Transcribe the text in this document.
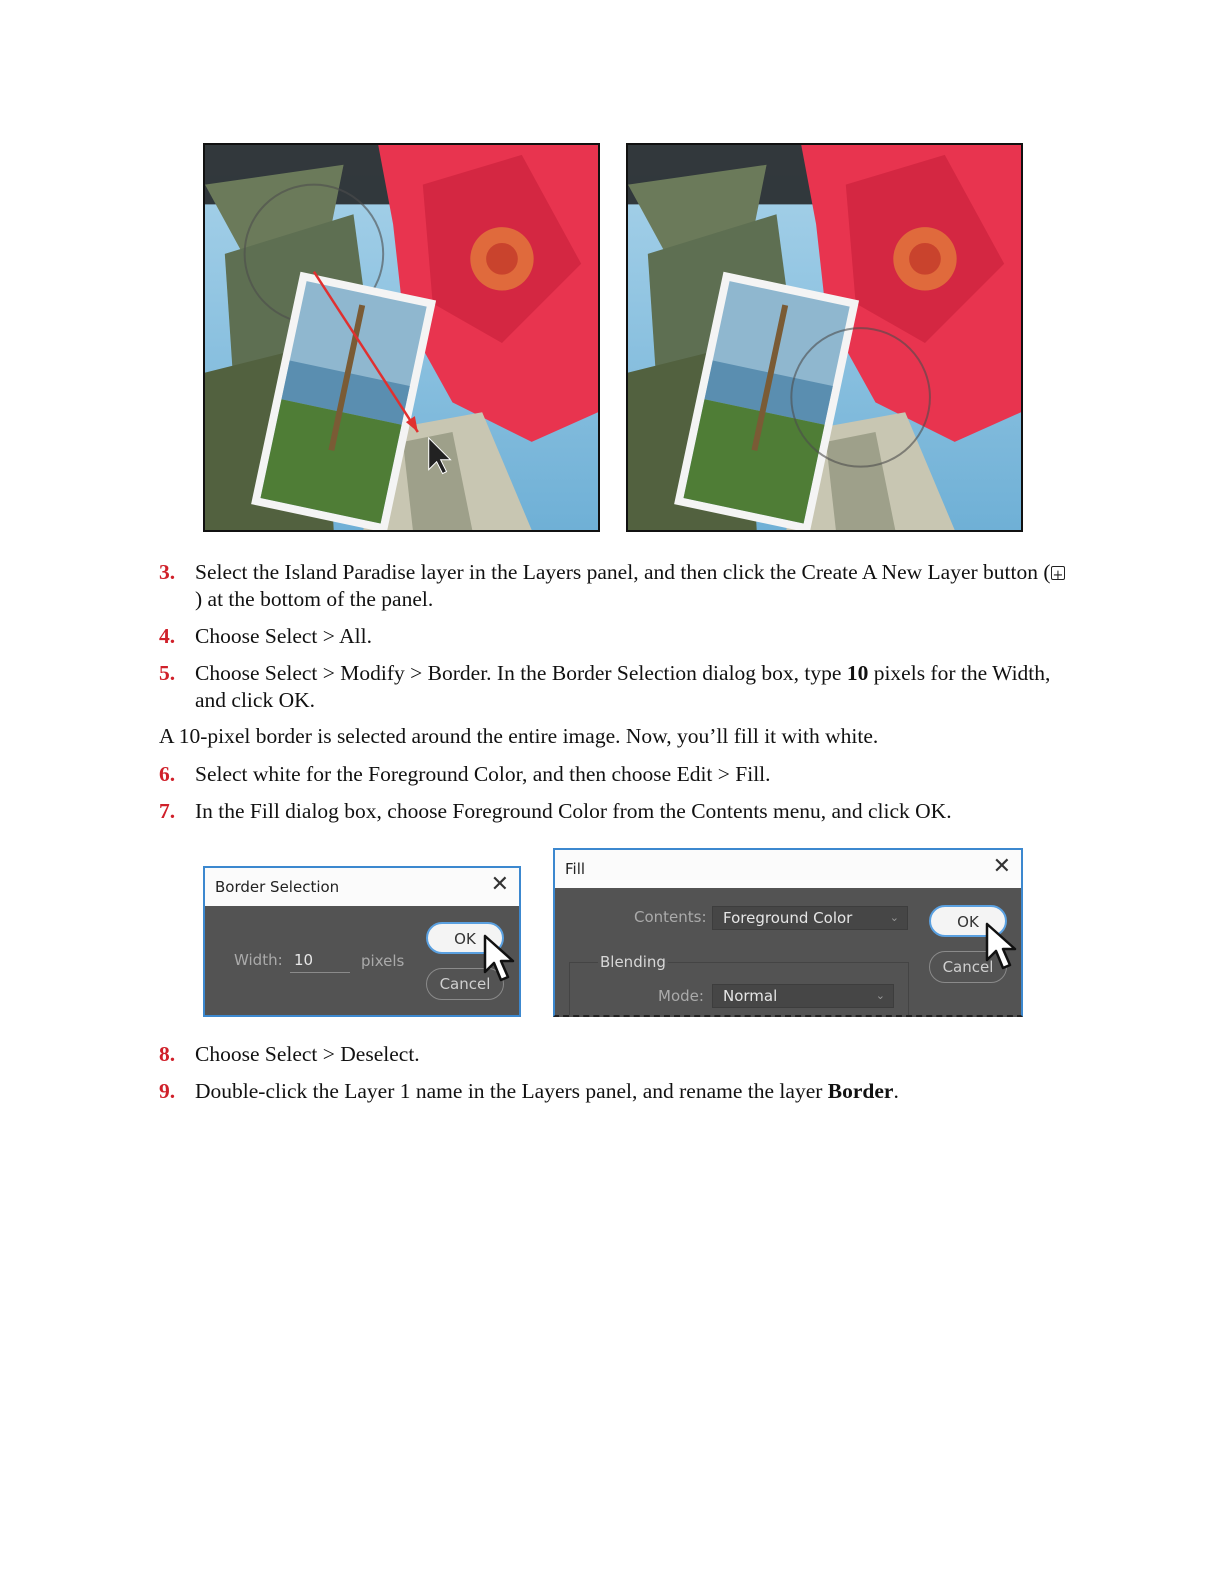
3. Select the Island Paradise layer in the Layers panel, and then click the Create A New Layer button (+) at the bottom of the panel.
4. Choose Select > All.
5. Choose Select > Modify > Border. In the Border Selection dialog box, type 10 pixels for the Width, and click OK.
A 10-pixel border is selected around the entire image. Now, you’ll fill it with white.
6. Select white for the Foreground Color, and then choose Edit > Fill.
7. In the Fill dialog box, choose Foreground Color from the Contents menu, and click OK.
Border Selection	✕
Width: 10	pixels
OK
Cancel
Fill	✕
Contents:	Foreground Color	⌄
Blending
Mode:	Normal	⌄
OK
Cancel
8. Choose Select > Deselect.
9. Double-click the Layer 1 name in the Layers panel, and rename the layer Border.
